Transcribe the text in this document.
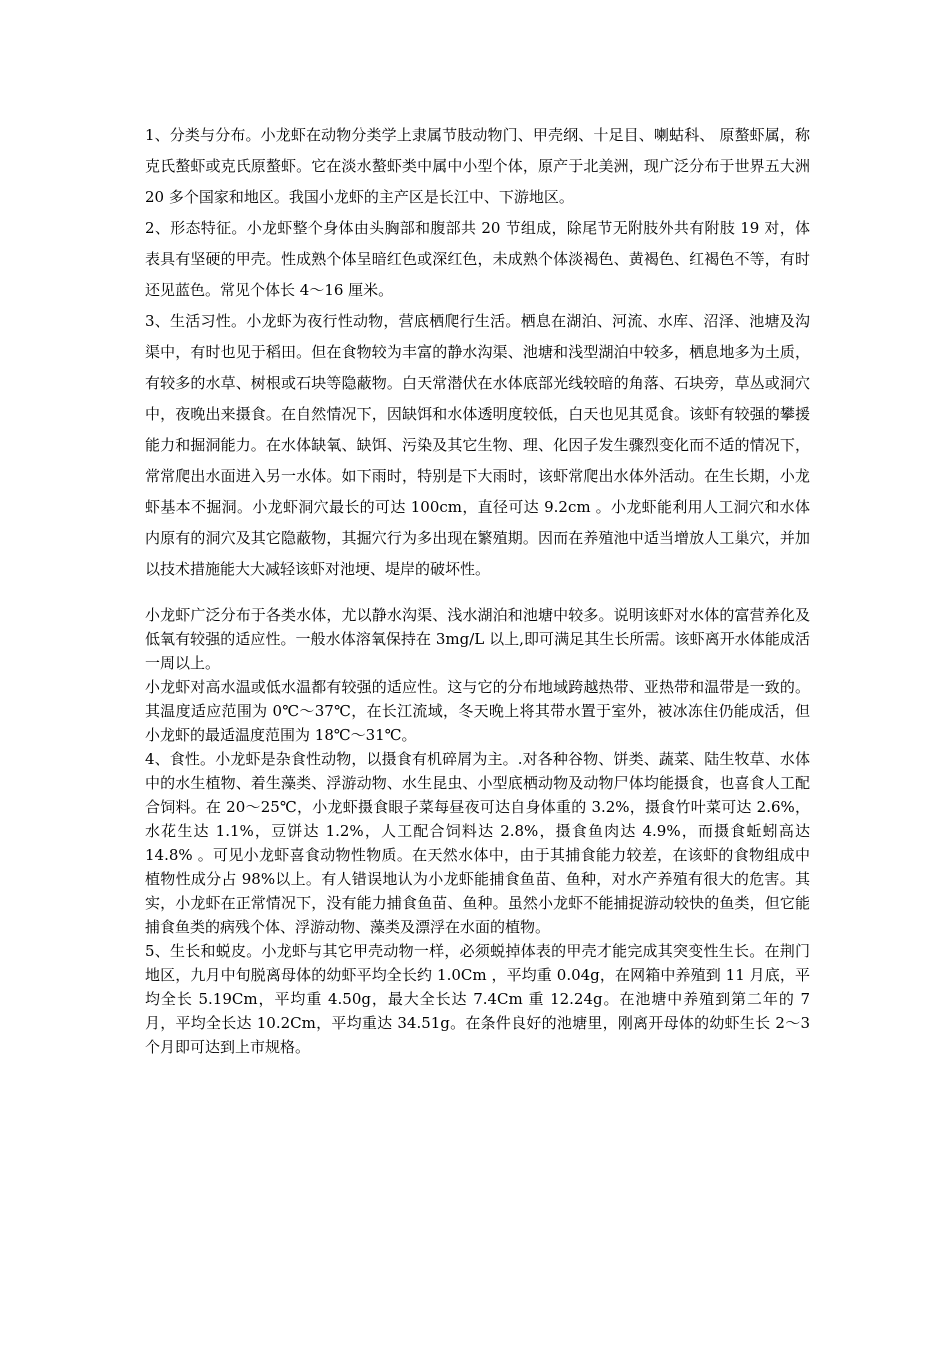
1、分类与分布。小龙虾在动物分类学上隶属节肢动物门、甲壳纲、十足目、喇蛄科、 原螯虾属，称克氏螯虾或克氏原螯虾。它在淡水螯虾类中属中小型个体，原产于北美洲，现广泛分布于世界五大洲 20 多个国家和地区。我国小龙虾的主产区是长江中、下游地区。

2、形态特征。小龙虾整个身体由头胸部和腹部共 20 节组成，除尾节无附肢外共有附肢 19 对，体表具有坚硬的甲壳。性成熟个体呈暗红色或深红色，未成熟个体淡褐色、黄褐色、红褐色不等，有时还见蓝色。常见个体长 4～16 厘米。

3、生活习性。小龙虾为夜行性动物，营底栖爬行生活。栖息在湖泊、河流、水库、沼泽、池塘及沟渠中，有时也见于稻田。但在食物较为丰富的静水沟渠、池塘和浅型湖泊中较多，栖息地多为土质，有较多的水草、树根或石块等隐蔽物。白天常潜伏在水体底部光线较暗的角落、石块旁，草丛或洞穴中，夜晚出来摄食。在自然情况下，因缺饵和水体透明度较低，白天也见其觅食。该虾有较强的攀援能力和掘洞能力。在水体缺氧、缺饵、污染及其它生物、理、化因子发生骤烈变化而不适的情况下，常常爬出水面进入另一水体。如下雨时，特别是下大雨时，该虾常爬出水体外活动。在生长期，小龙虾基本不掘洞。小龙虾洞穴最长的可达 100cm，直径可达 9.2cm 。小龙虾能利用人工洞穴和水体内原有的洞穴及其它隐蔽物，其掘穴行为多出现在繁殖期。因而在养殖池中适当增放人工巢穴，并加以技术措施能大大减轻该虾对池埂、堤岸的破坏性。

小龙虾广泛分布于各类水体，尤以静水沟渠、浅水湖泊和池塘中较多。说明该虾对水体的富营养化及低氧有较强的适应性。一般水体溶氧保持在 3mg/L 以上,即可满足其生长所需。该虾离开水体能成活一周以上。

小龙虾对高水温或低水温都有较强的适应性。这与它的分布地域跨越热带、亚热带和温带是一致的。其温度适应范围为 0℃～37℃，在长江流域，冬天晚上将其带水置于室外，被冰冻住仍能成活，但小龙虾的最适温度范围为 18℃～31℃。

4、食性。小龙虾是杂食性动物，以摄食有机碎屑为主。.对各种谷物、饼类、蔬菜、陆生牧草、水体中的水生植物、着生藻类、浮游动物、水生昆虫、小型底栖动物及动物尸体均能摄食，也喜食人工配合饲料。在 20～25℃，小龙虾摄食眼子菜每昼夜可达自身体重的 3.2%，摄食竹叶菜可达 2.6%，水花生达 1.1%，豆饼达 1.2%，人工配合饲料达 2.8%，摄食鱼肉达 4.9%，而摄食蚯蚓高达 14.8% 。可见小龙虾喜食动物性物质。在天然水体中，由于其捕食能力较差，在该虾的食物组成中植物性成分占 98%以上。有人错误地认为小龙虾能捕食鱼苗、鱼种，对水产养殖有很大的危害。其实，小龙虾在正常情况下，没有能力捕食鱼苗、鱼种。虽然小龙虾不能捕捉游动较快的鱼类，但它能捕食鱼类的病残个体、浮游动物、藻类及漂浮在水面的植物。

5、生长和蜕皮。小龙虾与其它甲壳动物一样，必须蜕掉体表的甲壳才能完成其突变性生长。在荆门地区，九月中旬脱离母体的幼虾平均全长约 1.0Cm ，平均重 0.04g，在网箱中养殖到 11 月底，平均全长 5.19Cm，平均重 4.50g，最大全长达 7.4Cm 重 12.24g。在池塘中养殖到第二年的 7 月，平均全长达 10.2Cm，平均重达 34.51g。在条件良好的池塘里，刚离开母体的幼虾生长 2～3 个月即可达到上市规格。
